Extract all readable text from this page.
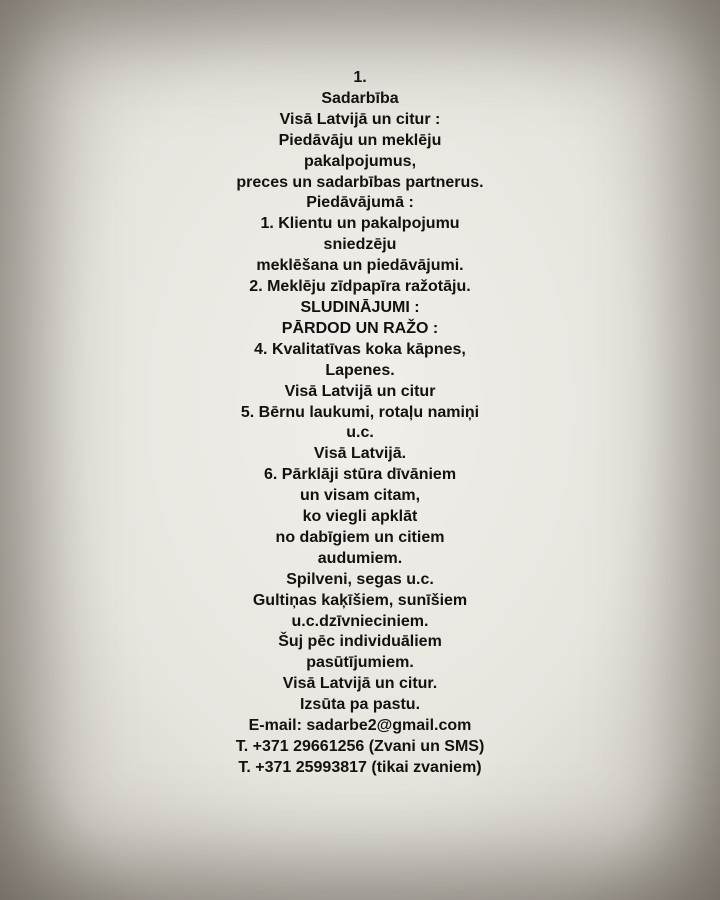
1.
Sadarbība
Visā Latvijā un citur :
Piedāvāju un meklēju
pakalpojumus,
preces un sadarbības partnerus.
Piedāvājumā :
1. Klientu un pakalpojumu
sniedzēju
meklēšana un piedāvājumi.
2. Meklēju zīdpapīra ražotāju.
SLUDINĀJUMI :
PĀRDOD UN RAŽO :
4. Kvalitatīvas koka kāpnes,
Lapenes.
Visā Latvijā un citur
5. Bērnu laukumi, rotaļu namiņi
u.c.
Visā Latvijā.
6. Pārklāji stūra dīvāniem
un visam citam,
ko viegli apklāt
no dabīgiem un citiem
audumiem.
Spilveni, segas u.c.
Gultiņas kaķīšiem, sunīšiem
u.c.dzīvnieciniem.
Šuj pēc individuāliem
pasūtījumiem.
Visā Latvijā un citur.
Izsūta pa pastu.
E-mail: sadarbe2@gmail.com
T. +371 29661256 (Zvani un SMS)
T. +371 25993817 (tikai zvaniem)
